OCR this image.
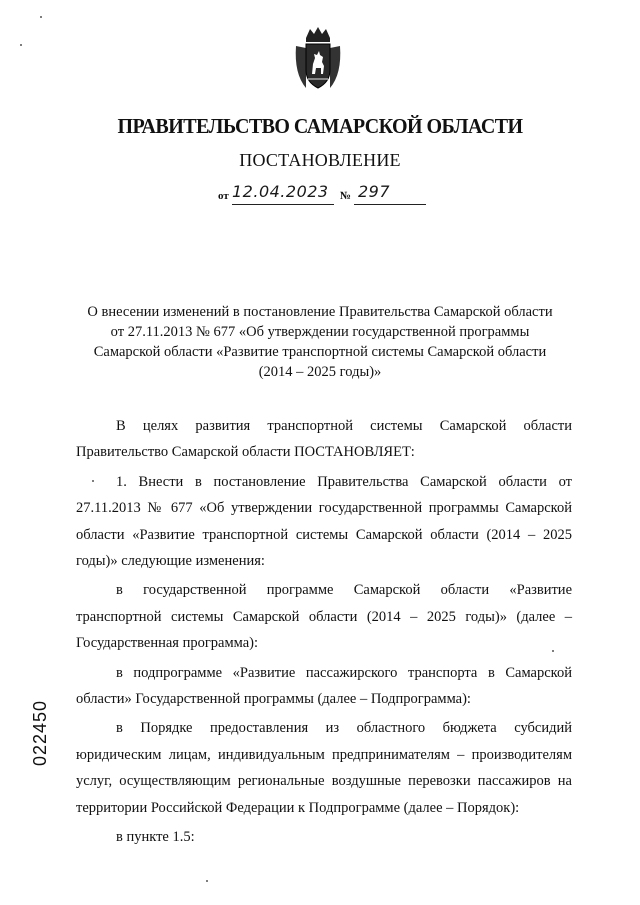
ПРАВИТЕЛЬСТВО САМАРСКОЙ ОБЛАСТИ
ПОСТАНОВЛЕНИЕ
от 12.04.2023 № 297
О внесении изменений в постановление Правительства Самарской области
от 27.11.2013 № 677 «Об утверждении государственной программы
Самарской области «Развитие транспортной системы Самарской области
(2014 – 2025 годы)»

В целях развития транспортной системы Самарской области Правительство Самарской области ПОСТАНОВЛЯЕТ:

1. Внести в постановление Правительства Самарской области от 27.11.2013 № 677 «Об утверждении государственной программы Самарской области «Развитие транспортной системы Самарской области (2014 – 2025 годы)» следующие изменения:

в государственной программе Самарской области «Развитие транспортной системы Самарской области (2014 – 2025 годы)» (далее – Государственная программа):

в подпрограмме «Развитие пассажирского транспорта в Самарской области» Государственной программы (далее – Подпрограмма):

в Порядке предоставления из областного бюджета субсидий юридическим лицам, индивидуальным предпринимателям – производителям услуг, осуществляющим региональные воздушные перевозки пассажиров на территории Российской Федерации к Подпрограмме (далее – Порядок):

в пункте 1.5:

022450
